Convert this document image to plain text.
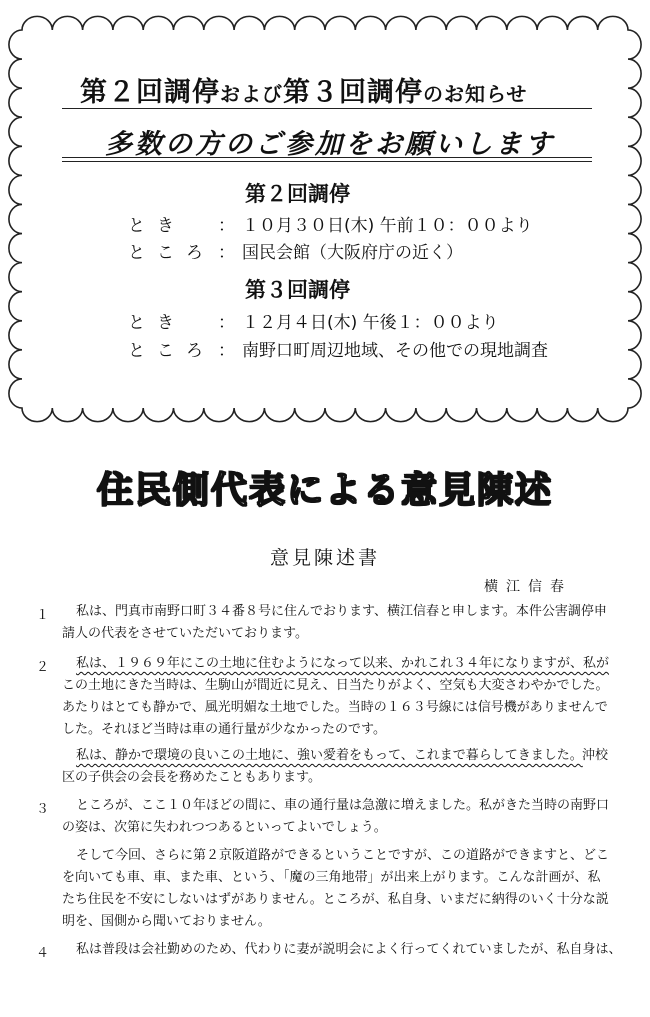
第２回調停および第３回調停のお知らせ
多数の方のご参加をお願いします
第２回調停
とき ： １０月３０日(木) 午前１０：００より
ところ ： 国民会館（大阪府庁の近く）
第３回調停
とき ： １２月４日(木) 午後１：００より
ところ ： 南野口町周辺地域、その他での現地調査
住民側代表による意見陳述
意見陳述書
横江信春
１ 私は、門真市南野口町３４番８号に住んでおります、横江信春と申します。本件公害調停申
請人の代表をさせていただいております。
２ 私は、１９６９年にこの土地に住むようになって以来、かれこれ３４年になりますが、私が
この土地にきた当時は、生駒山が間近に見え、日当たりがよく、空気も大変さわやかでした。
あたりはとても静かで、風光明媚な土地でした。当時の１６３号線には信号機がありませんで
した。それほど当時は車の通行量が少なかったのです。
私は、静かで環境の良いこの土地に、強い愛着をもって、これまで暮らしてきました。 沖校
区の子供会の会長を務めたこともあります。
３ ところが、ここ１０年ほどの間に、車の通行量は急激に増えました。私がきた当時の南野口
の姿は、次第に失われつつあるといってよいでしょう。
そして今回、さらに第２京阪道路ができるということですが、この道路ができますと、どこ
を向いても車、車、また車、という、「魔の三角地帯」が出来上がります。こんな計画が、私
たち住民を不安にしないはずがありません。ところが、私自身、いまだに納得のいく十分な説
明を、国側から聞いておりません。
４ 私は普段は会社勤めのため、代わりに妻が説明会によく行ってくれていましたが、私自身は、
